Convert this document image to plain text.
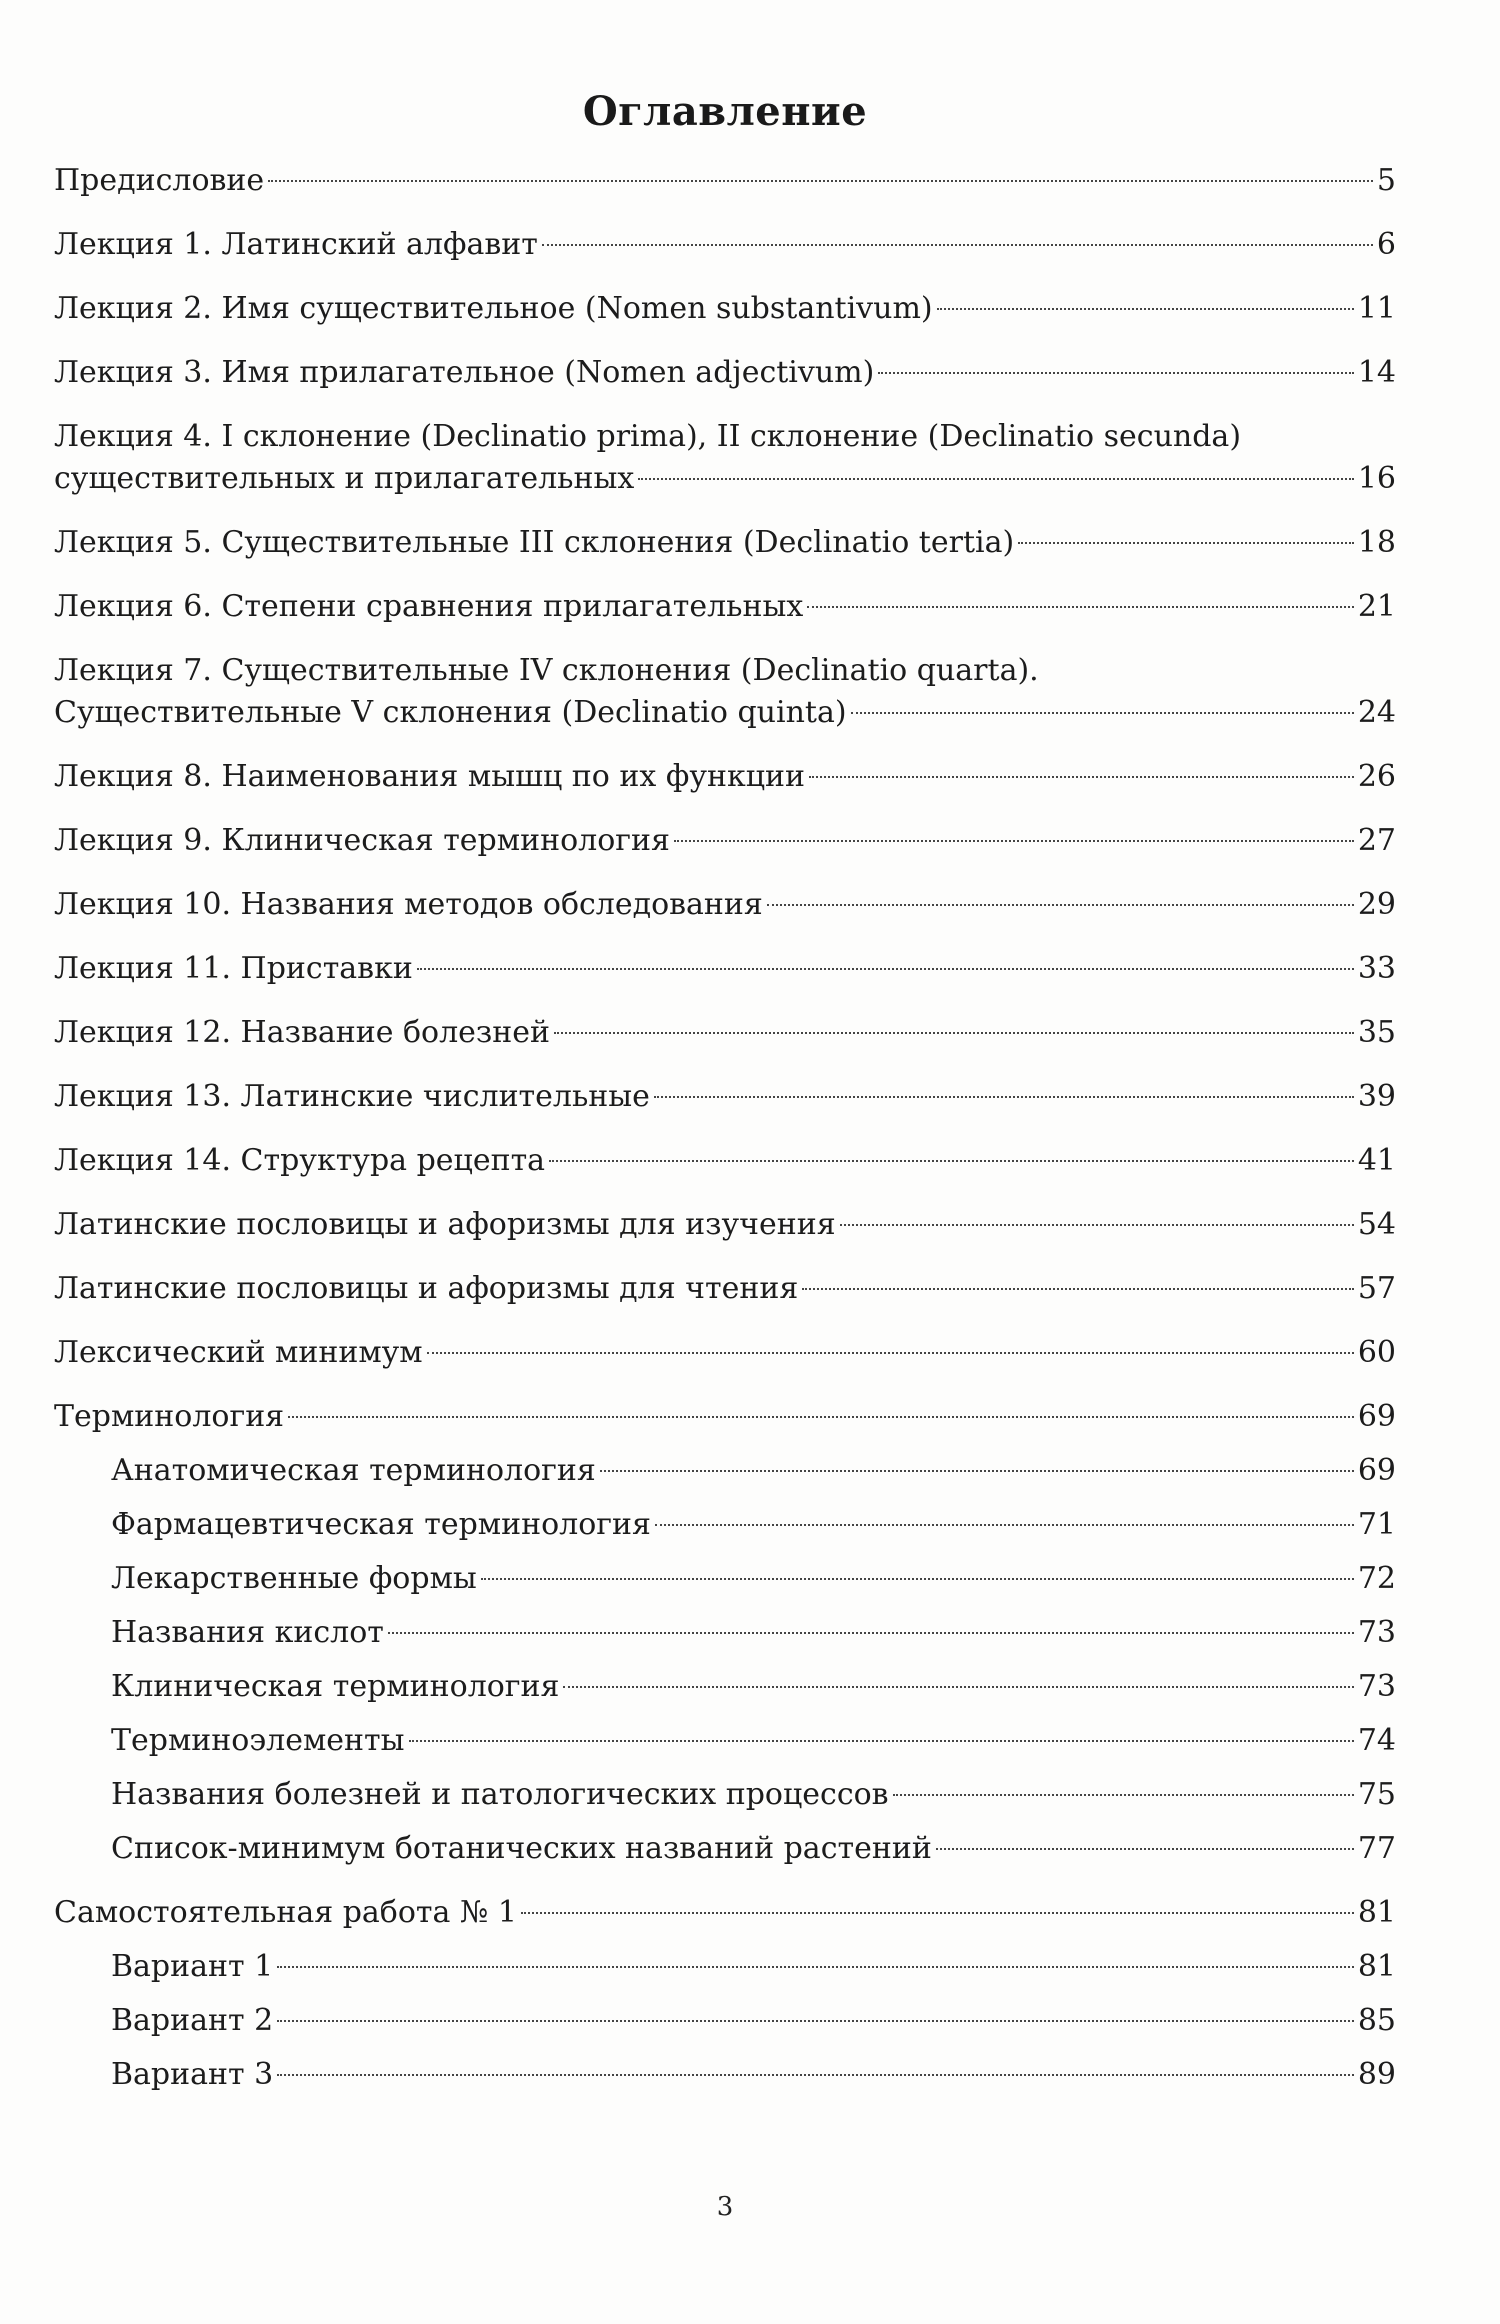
Оглавление
Предисловие	5
Лекция 1. Латинский алфавит	6
Лекция 2. Имя существительное (Nomen substantivum)	11
Лекция 3. Имя прилагательное (Nomen adjectivum)	14
Лекция 4. I склонение (Declinatio prima), II склонение (Declinatio secunda)
существительных и прилагательных	16
Лекция 5. Существительные III склонения (Declinatio tertia)	18
Лекция 6. Степени сравнения прилагательных	21
Лекция 7. Существительные IV склонения (Declinatio quarta).
Существительные V склонения (Declinatio quinta)	24
Лекция 8. Наименования мышц по их функции	26
Лекция 9. Клиническая терминология	27
Лекция 10. Названия методов обследования	29
Лекция 11. Приставки	33
Лекция 12. Название болезней	35
Лекция 13. Латинские числительные	39
Лекция 14. Структура рецепта	41
Латинские пословицы и афоризмы для изучения	54
Латинские пословицы и афоризмы для чтения	57
Лексический минимум	60
Терминология	69
Анатомическая терминология	69
Фармацевтическая терминология	71
Лекарственные формы	72
Названия кислот	73
Клиническая терминология	73
Терминоэлементы	74
Названия болезней и патологических процессов	75
Список-минимум ботанических названий растений	77
Самостоятельная работа № 1	81
Вариант 1	81
Вариант 2	85
Вариант 3	89
3
